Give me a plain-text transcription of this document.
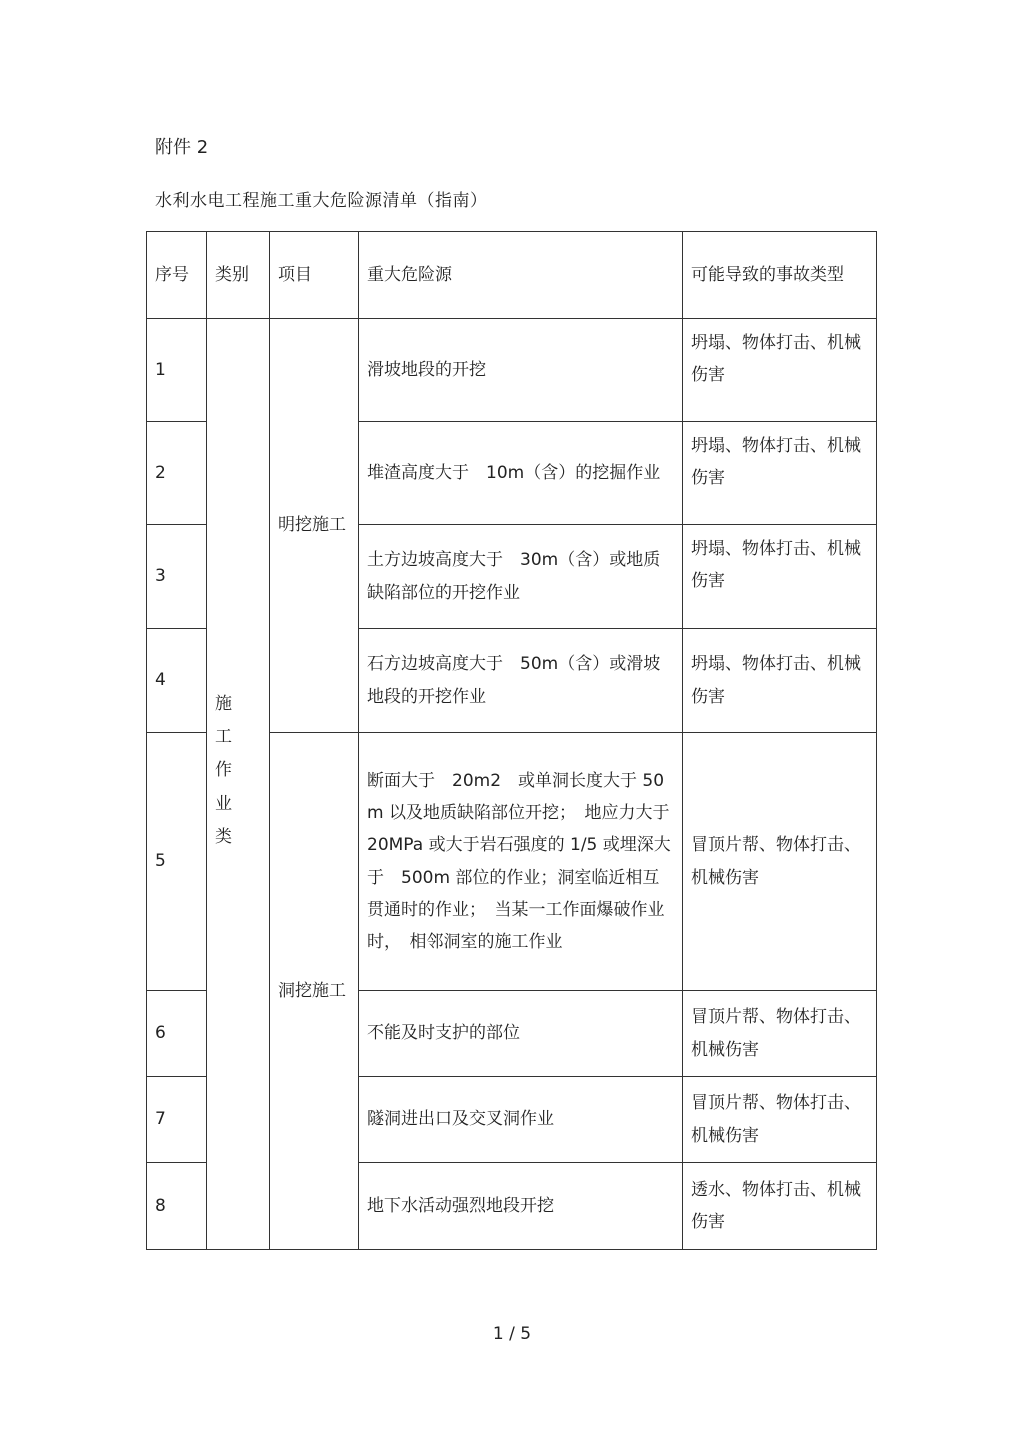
附件 2
水利水电工程施工重大危险源清单（指南）
序号	类别	项目	重大危险源	可能导致的事故类型
1	施 工 作 业 类	明挖施工	滑坡地段的开挖	坍塌、物体打击、机械伤害
2			堆渣高度大于　10m（含）的挖掘作业	坍塌、物体打击、机械伤害
3			土方边坡高度大于　30m（含）或地质缺陷部位的开挖作业	坍塌、物体打击、机械伤害
4			石方边坡高度大于　50m（含）或滑坡地段的开挖作业	坍塌、物体打击、机械伤害
5		洞挖施工	断面大于　20m2　或单洞长度大于 50m 以及地质缺陷部位开挖；　地应力大于　20MPa 或大于岩石强度的 1/5 或埋深大于　500m 部位的作业；洞室临近相互贯通时的作业；　当某一工作面爆破作业时，　相邻洞室的施工作业	冒顶片帮、物体打击、机械伤害
6			不能及时支护的部位	冒顶片帮、物体打击、机械伤害
7			隧洞进出口及交叉洞作业	冒顶片帮、物体打击、机械伤害
8			地下水活动强烈地段开挖	透水、物体打击、机械伤害
1 / 5
